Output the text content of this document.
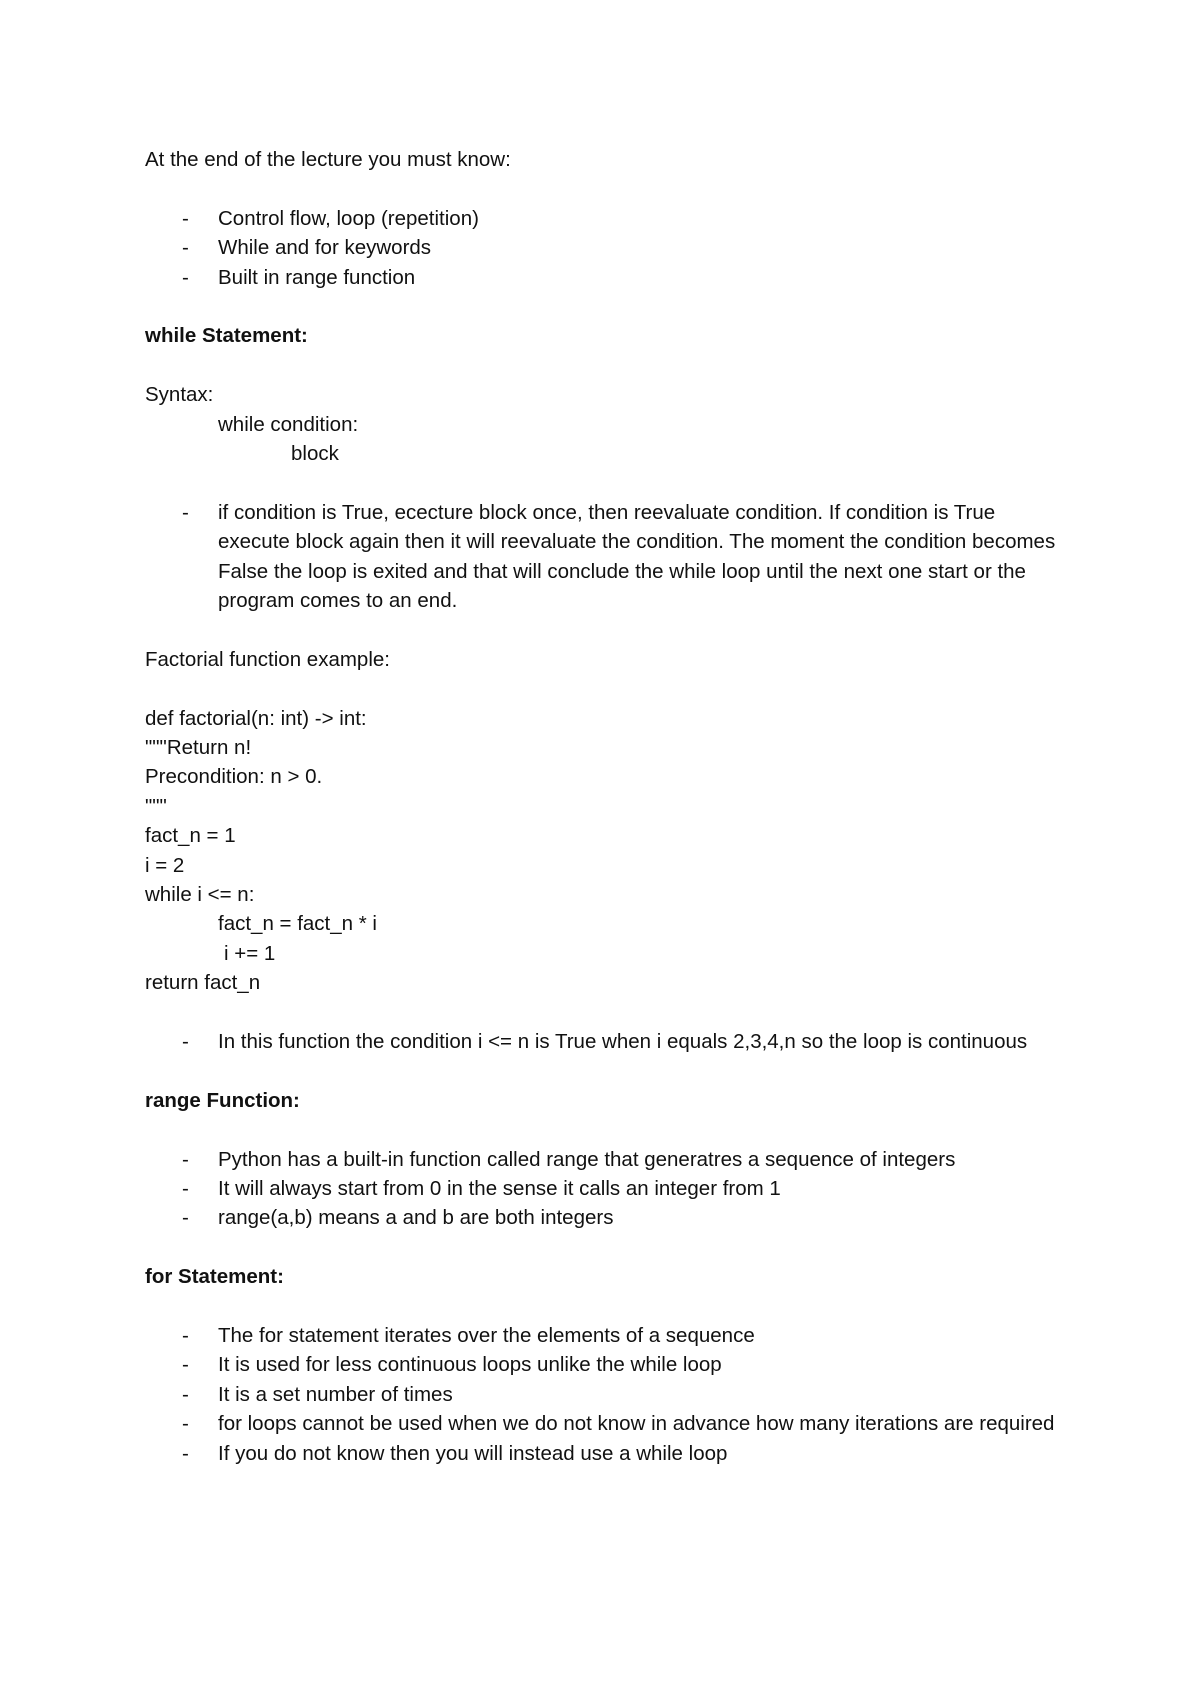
At the end of the lecture you must know:

- Control flow, loop (repetition)
- While and for keywords
- Built in range function

while Statement:

Syntax:

while condition:

block

- if condition is True, ececture block once, then reevaluate condition. If condition is True execute block again then it will reevaluate the condition. The moment the condition becomes False the loop is exited and that will conclude the while loop until the next one start or the program comes to an end.

Factorial function example:

def factorial(n: int) -> int:

"""Return n!

Precondition: n > 0.

"""

fact_n = 1

i = 2

while i <= n:

fact_n = fact_n * i

i += 1

return fact_n

- In this function the condition i <= n is True when i equals 2,3,4,n so the loop is continuous

range Function:

- Python has a built-in function called range that generatres a sequence of integers
- It will always start from 0 in the sense it calls an integer from 1
- range(a,b) means a and b are both integers

for Statement:

- The for statement iterates over the elements of a sequence
- It is used for less continuous loops unlike the while loop
- It is a set number of times
- for loops cannot be used when we do not know in advance how many iterations are required
- If you do not know then you will instead use a while loop
